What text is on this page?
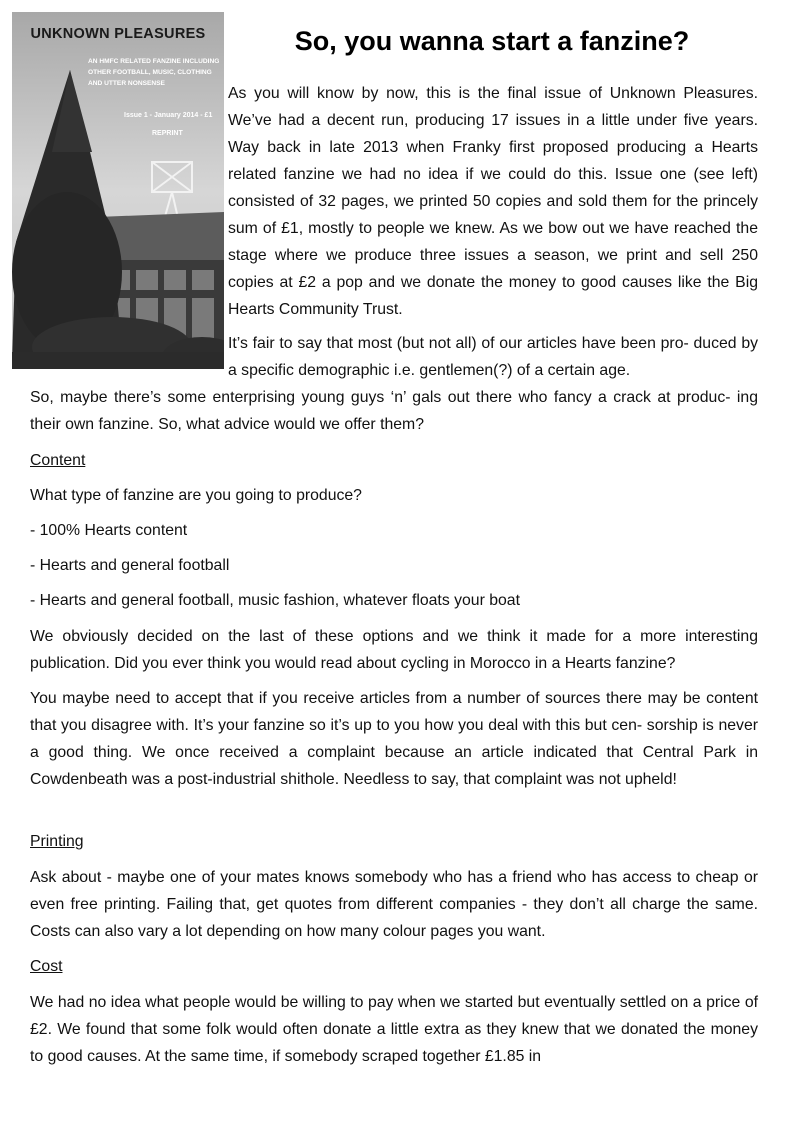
UNKNOWN PLEASURES
AN HMFC RELATED FANZINE INCLUDING OTHER FOOTBALL, MUSIC, CLOTHING AND UTTER NONSENSE
Issue 1 - January 2014 - £1
REPRINT
So, you wanna start a fanzine?

As you will know by now, this is the final issue of Unknown Pleasures. We’ve had a decent run, producing 17 issues in a little under five years. Way back in late 2013 when Franky first proposed producing a Hearts related fanzine we had no idea if we could do this. Issue one (see left) consisted of 32 pages, we printed 50 copies and sold them for the princely sum of £1, mostly to people we knew. As we bow out we have reached the stage where we produce three issues a season, we print and sell 250 copies at £2 a pop and we donate the money to good causes like the Big Hearts Community Trust.

It’s fair to say that most (but not all) of our articles have been pro- duced by a specific demographic i.e. gentlemen(?) of a certain age.

So, maybe there’s some enterprising young guys ‘n’ gals out there who fancy a crack at produc- ing their own fanzine. So, what advice would we offer them?

Content
What type of fanzine are you going to produce?
- 100% Hearts content
- Hearts and general football
- Hearts and general football, music fashion, whatever floats your boat

We obviously decided on the last of these options and we think it made for a more interesting publication. Did you ever think you would read about cycling in Morocco in a Hearts fanzine?

You maybe need to accept that if you receive articles from a number of sources there may be content that you disagree with. It’s your fanzine so it’s up to you how you deal with this but cen- sorship is never a good thing. We once received a complaint because an article indicated that Central Park in Cowdenbeath was a post-industrial shithole. Needless to say, that complaint was not upheld!

Printing

Ask about - maybe one of your mates knows somebody who has a friend who has access to cheap or even free printing. Failing that, get quotes from different companies - they don’t all charge the same. Costs can also vary a lot depending on how many colour pages you want.

Cost

We had no idea what people would be willing to pay when we started but eventually settled on a price of £2. We found that some folk would often donate a little extra as they knew that we donated the money to good causes. At the same time, if somebody scraped together £1.85 in
